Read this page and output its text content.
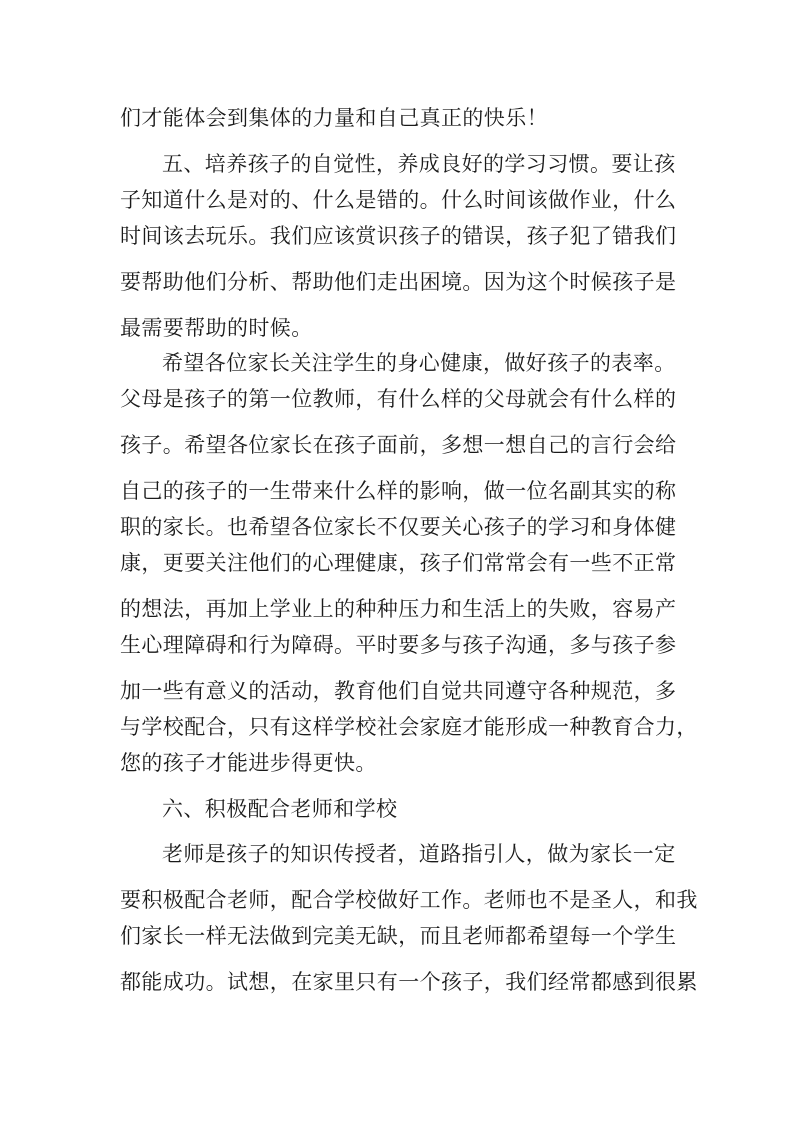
们才能体会到集体的力量和自己真正的快乐！
五、培养孩子的自觉性，养成良好的学习习惯。要让孩
子知道什么是对的、什么是错的。什么时间该做作业，什么
时间该去玩乐。我们应该赏识孩子的错误，孩子犯了错我们
要帮助他们分析、帮助他们走出困境。因为这个时候孩子是
最需要帮助的时候。
希望各位家长关注学生的身心健康，做好孩子的表率。
父母是孩子的第一位教师，有什么样的父母就会有什么样的
孩子。希望各位家长在孩子面前，多想一想自己的言行会给
自己的孩子的一生带来什么样的影响，做一位名副其实的称
职的家长。也希望各位家长不仅要关心孩子的学习和身体健
康，更要关注他们的心理健康，孩子们常常会有一些不正常
的想法，再加上学业上的种种压力和生活上的失败，容易产
生心理障碍和行为障碍。平时要多与孩子沟通，多与孩子参
加一些有意义的活动，教育他们自觉共同遵守各种规范，多
与学校配合，只有这样学校社会家庭才能形成一种教育合力，
您的孩子才能进步得更快。
六、积极配合老师和学校
老师是孩子的知识传授者，道路指引人，做为家长一定
要积极配合老师，配合学校做好工作。老师也不是圣人，和我
们家长一样无法做到完美无缺，而且老师都希望每一个学生
都能成功。试想，在家里只有一个孩子，我们经常都感到很累
